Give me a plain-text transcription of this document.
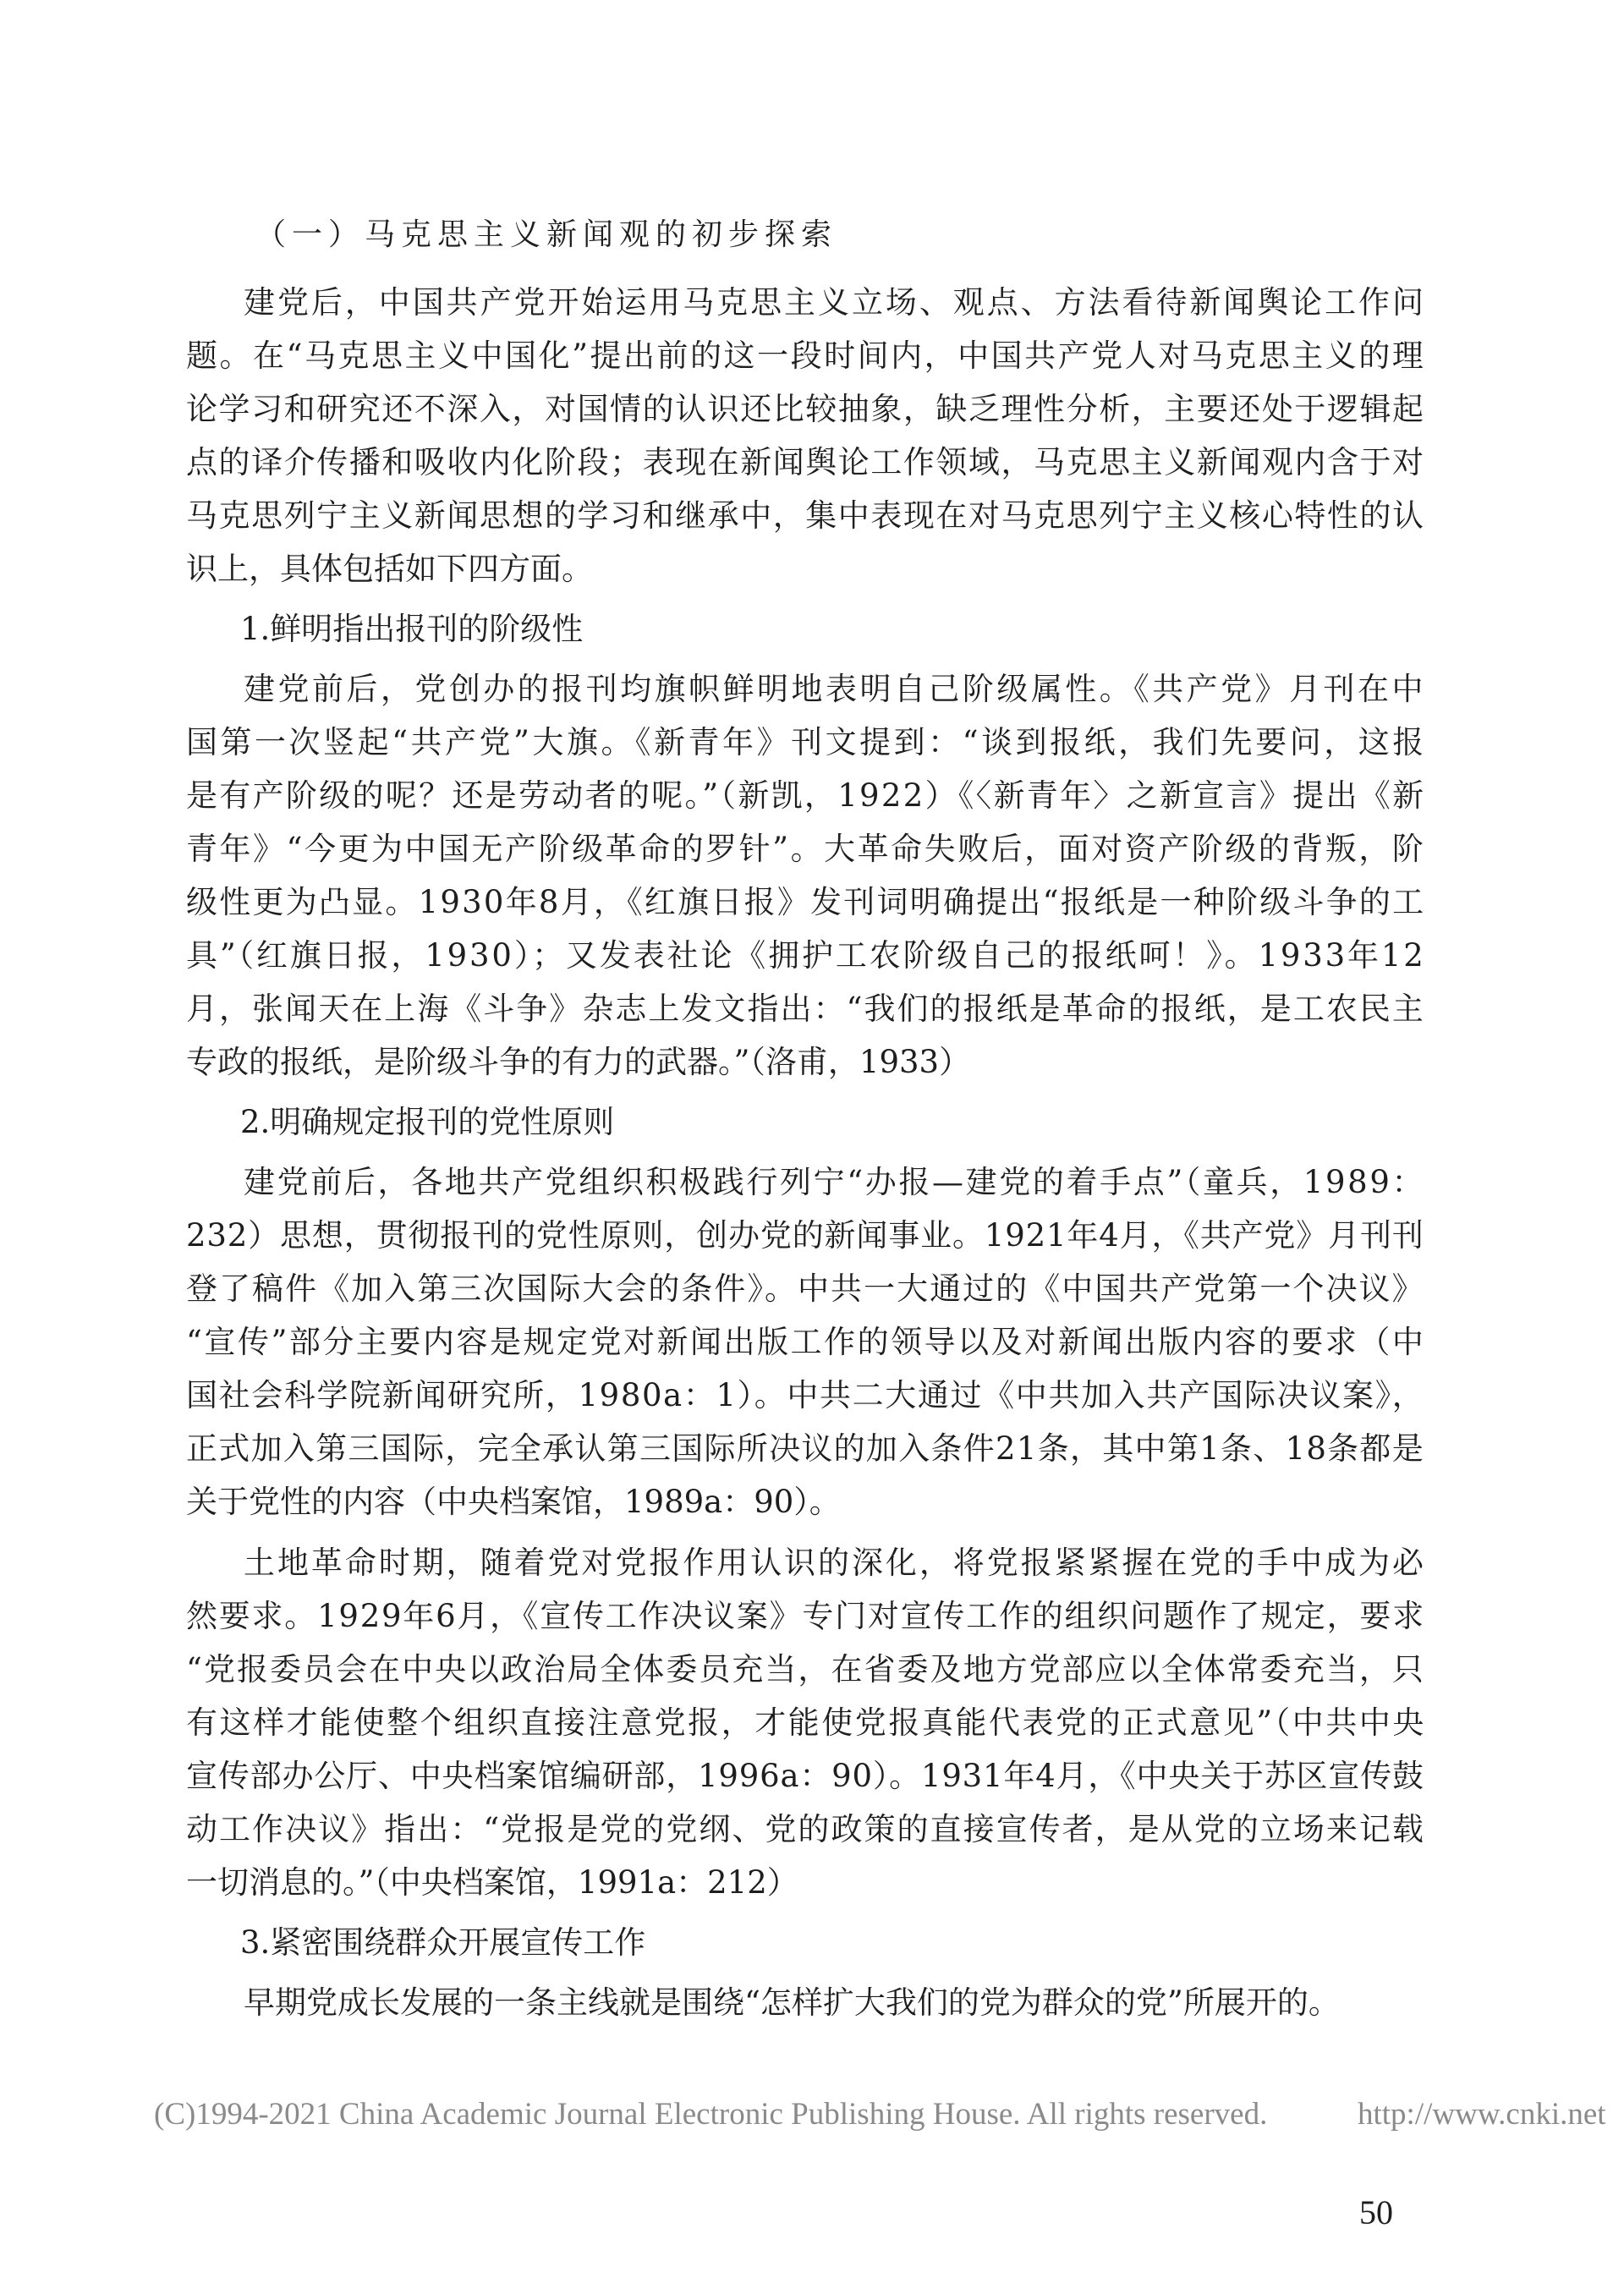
（一）马克思主义新闻观的初步探索
建党后，中国共产党开始运用马克思主义立场、观点、方法看待新闻舆论工作问
题。在“马克思主义中国化”提出前的这一段时间内，中国共产党人对马克思主义的理
论学习和研究还不深入，对国情的认识还比较抽象，缺乏理性分析，主要还处于逻辑起
点的译介传播和吸收内化阶段；表现在新闻舆论工作领域，马克思主义新闻观内含于对
马克思列宁主义新闻思想的学习和继承中，集中表现在对马克思列宁主义核心特性的认
识上，具体包括如下四方面。
1.鲜明指出报刊的阶级性
建党前后，党创办的报刊均旗帜鲜明地表明自己阶级属性。《共产党》月刊在中
国第一次竖起“共产党”大旗。《新青年》刊文提到：“谈到报纸，我们先要问，这报
是有产阶级的呢？还是劳动者的呢。”（新凯，1922）《〈新青年〉之新宣言》提出《新
青年》“今更为中国无产阶级革命的罗针”。大革命失败后，面对资产阶级的背叛，阶
级性更为凸显。1930年8月，《红旗日报》发刊词明确提出“报纸是一种阶级斗争的工
具”（红旗日报，1930）；又发表社论《拥护工农阶级自己的报纸呵！》。1933年12
月，张闻天在上海《斗争》杂志上发文指出：“我们的报纸是革命的报纸，是工农民主
专政的报纸，是阶级斗争的有力的武器。”（洛甫，1933）
2.明确规定报刊的党性原则
建党前后，各地共产党组织积极践行列宁“办报—建党的着手点”（童兵，1989：
232）思想，贯彻报刊的党性原则，创办党的新闻事业。1921年4月，《共产党》月刊刊
登了稿件《加入第三次国际大会的条件》。中共一大通过的《中国共产党第一个决议》
“宣传”部分主要内容是规定党对新闻出版工作的领导以及对新闻出版内容的要求（中
国社会科学院新闻研究所，1980a：1）。中共二大通过《中共加入共产国际决议案》，
正式加入第三国际，完全承认第三国际所决议的加入条件21条，其中第1条、18条都是
关于党性的内容（中央档案馆，1989a：90）。
土地革命时期，随着党对党报作用认识的深化，将党报紧紧握在党的手中成为必
然要求。1929年6月，《宣传工作决议案》专门对宣传工作的组织问题作了规定，要求
“党报委员会在中央以政治局全体委员充当，在省委及地方党部应以全体常委充当，只
有这样才能使整个组织直接注意党报，才能使党报真能代表党的正式意见”（中共中央
宣传部办公厅、中央档案馆编研部，1996a：90）。1931年4月，《中央关于苏区宣传鼓
动工作决议》指出：“党报是党的党纲、党的政策的直接宣传者，是从党的立场来记载
一切消息的。”（中央档案馆，1991a：212）
3.紧密围绕群众开展宣传工作
早期党成长发展的一条主线就是围绕“怎样扩大我们的党为群众的党”所展开的。
(C)1994-2021 China Academic Journal Electronic Publishing House. All rights reserved.	http://www.cnki.net
50
